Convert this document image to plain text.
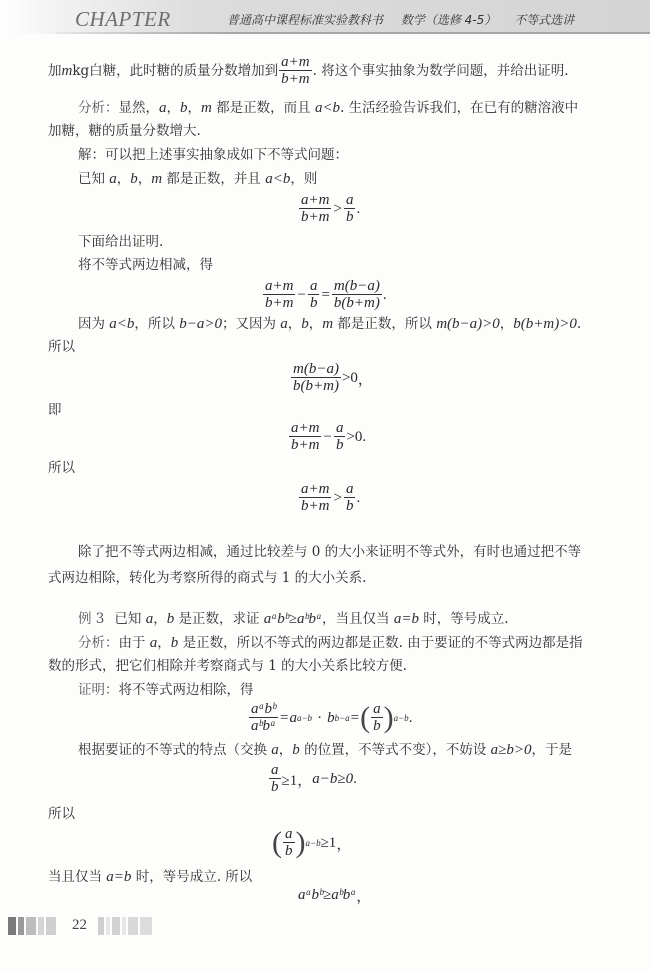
CHAPTER	普通高中课程标准实验教科书 数学（选修 4-5） 不等式选讲
加 m kg白糖，此时糖的质量分数增加到 $\frac{a+m}{b+m}$ . 将这个事实抽象为数学问题，并给出证明.
分析：显然，a，b，m 都是正数，而且 a<b. 生活经验告诉我们，在已有的糖溶液中
加糖，糖的质量分数增大.
解：可以把上述事实抽象成如下不等式问题：
已知 a，b，m 都是正数，并且 a<b，则
$\frac{a+m}{b+m} > \frac{a}{b}$ .
下面给出证明.
将不等式两边相减，得
$\frac{a+m}{b+m} - \frac{a}{b} = \frac{m(b-a)}{b(b+m)}$ .
因为 a<b，所以 b−a>0；又因为 a，b，m 都是正数，所以 m(b−a)>0，b(b+m)>0.
所以
$\frac{m(b-a)}{b(b+m)} >0$ ，
即
$\frac{a+m}{b+m} - \frac{a}{b} >0$ .
所以
$\frac{a+m}{b+m} > \frac{a}{b}$ .
除了把不等式两边相减，通过比较差与 0 的大小来证明不等式外，有时也通过把不等
式两边相除，转化为考察所得的商式与 1 的大小关系.
例 3 已知 a，b 是正数，求证 aᵃbᵇ≥aᵇbᵃ，当且仅当 a=b 时，等号成立.
分析：由于 a，b 是正数，所以不等式的两边都是正数. 由于要证的不等式两边都是指
数的形式，把它们相除并考察商式与 1 的大小关系比较方便.
证明：将不等式两边相除，得
$\frac{\text{aᵃbᵇ}}{\text{aᵇbᵃ}} = a$ a−b · b b−a = ( $\frac{a}{b}$ ) a−b .
根据要证的不等式的特点（交换 a，b 的位置，不等式不变），不妨设 a≥b>0，于是
$\frac{a}{b} \ge 1$， a−b≥0 .
所以
( $\frac{a}{b}$ ) a−b ≥1 ，
当且仅当 a=b 时，等号成立. 所以
aᵃbᵇ≥aᵇbᵃ ，
22
